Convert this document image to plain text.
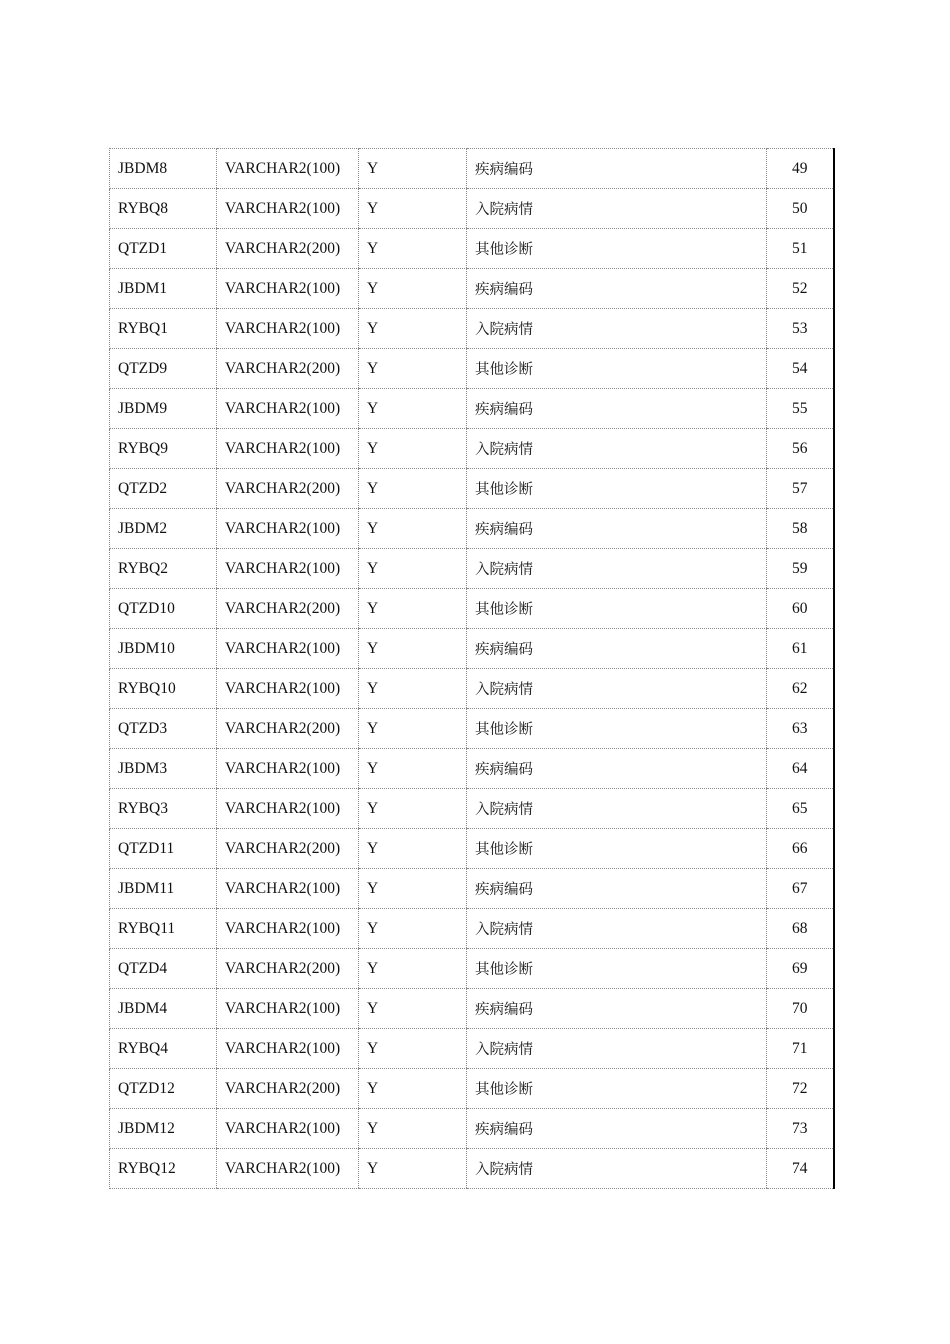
JBDM8	VARCHAR2(100)	Y	疾病编码	49
RYBQ8	VARCHAR2(100)	Y	入院病情	50
QTZD1	VARCHAR2(200)	Y	其他诊断	51
JBDM1	VARCHAR2(100)	Y	疾病编码	52
RYBQ1	VARCHAR2(100)	Y	入院病情	53
QTZD9	VARCHAR2(200)	Y	其他诊断	54
JBDM9	VARCHAR2(100)	Y	疾病编码	55
RYBQ9	VARCHAR2(100)	Y	入院病情	56
QTZD2	VARCHAR2(200)	Y	其他诊断	57
JBDM2	VARCHAR2(100)	Y	疾病编码	58
RYBQ2	VARCHAR2(100)	Y	入院病情	59
QTZD10	VARCHAR2(200)	Y	其他诊断	60
JBDM10	VARCHAR2(100)	Y	疾病编码	61
RYBQ10	VARCHAR2(100)	Y	入院病情	62
QTZD3	VARCHAR2(200)	Y	其他诊断	63
JBDM3	VARCHAR2(100)	Y	疾病编码	64
RYBQ3	VARCHAR2(100)	Y	入院病情	65
QTZD11	VARCHAR2(200)	Y	其他诊断	66
JBDM11	VARCHAR2(100)	Y	疾病编码	67
RYBQ11	VARCHAR2(100)	Y	入院病情	68
QTZD4	VARCHAR2(200)	Y	其他诊断	69
JBDM4	VARCHAR2(100)	Y	疾病编码	70
RYBQ4	VARCHAR2(100)	Y	入院病情	71
QTZD12	VARCHAR2(200)	Y	其他诊断	72
JBDM12	VARCHAR2(100)	Y	疾病编码	73
RYBQ12	VARCHAR2(100)	Y	入院病情	74
